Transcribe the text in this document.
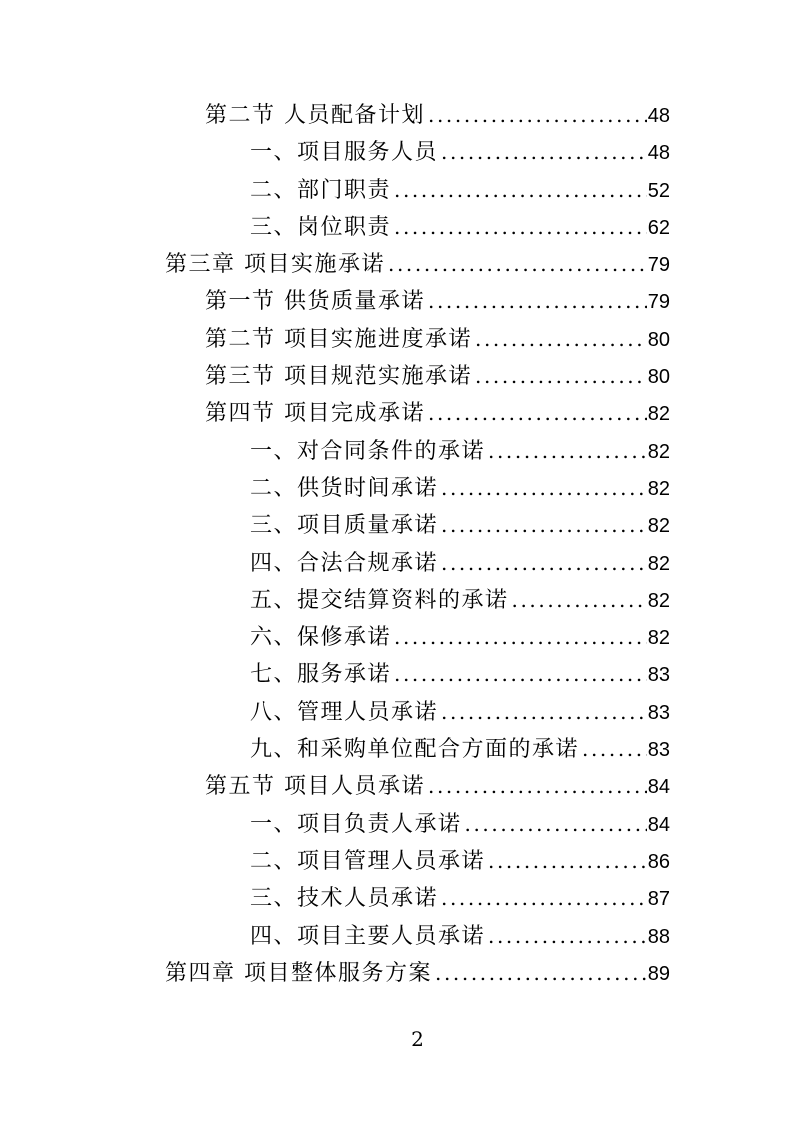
第二节 人员配备计划 .....	48
一、项目服务人员 .....	48
二、部门职责 .....	52
三、岗位职责 .....	62
第三章 项目实施承诺 .....	79
第一节 供货质量承诺 .....	79
第二节 项目实施进度承诺 .....	80
第三节 项目规范实施承诺 .....	80
第四节 项目完成承诺 .....	82
一、对合同条件的承诺 .....	82
二、供货时间承诺 .....	82
三、项目质量承诺 .....	82
四、合法合规承诺 .....	82
五、提交结算资料的承诺 .....	82
六、保修承诺 .....	82
七、服务承诺 .....	83
八、管理人员承诺 .....	83
九、和采购单位配合方面的承诺 .....	83
第五节 项目人员承诺 .....	84
一、项目负责人承诺 .....	84
二、项目管理人员承诺 .....	86
三、技术人员承诺 .....	87
四、项目主要人员承诺 .....	88
第四章 项目整体服务方案 .....	89
2
